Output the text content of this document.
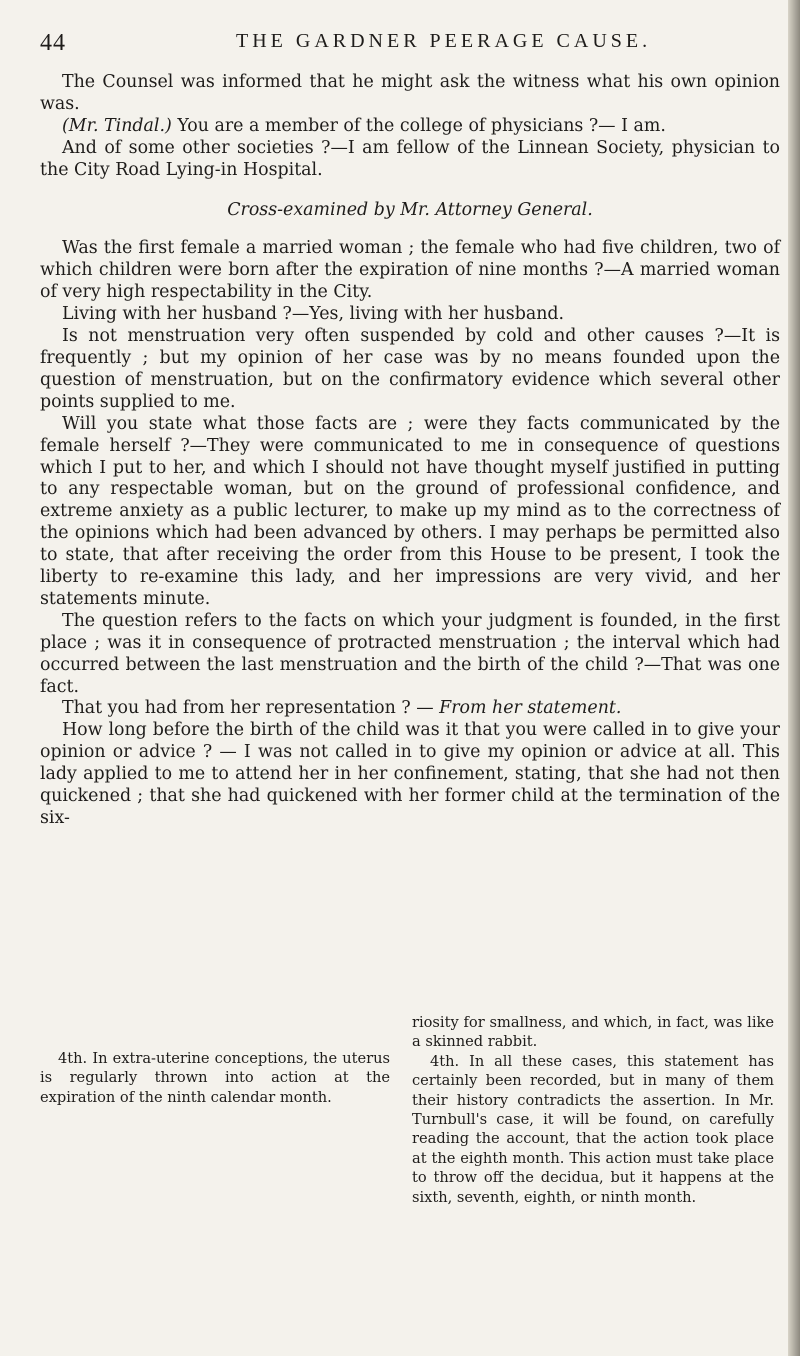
44	THE GARDNER PEERAGE CAUSE.

The Counsel was informed that he might ask the witness what his own opinion was.

(Mr. Tindal.) You are a member of the college of physicians ?— I am.

And of some other societies ?—I am fellow of the Linnean Society, physician to the City Road Lying-in Hospital.

Cross-examined by Mr. Attorney General.

Was the first female a married woman ; the female who had five children, two of which children were born after the expiration of nine months ?—A married woman of very high respectability in the City.

Living with her husband ?—Yes, living with her husband.

Is not menstruation very often suspended by cold and other causes ?—It is frequently ; but my opinion of her case was by no means founded upon the question of menstruation, but on the confirmatory evidence which several other points supplied to me.

Will you state what those facts are ; were they facts communicated by the female herself ?—They were communicated to me in consequence of questions which I put to her, and which I should not have thought myself justified in putting to any respectable woman, but on the ground of professional confidence, and extreme anxiety as a public lecturer, to make up my mind as to the correctness of the opinions which had been advanced by others. I may perhaps be permitted also to state, that after receiving the order from this House to be present, I took the liberty to re-examine this lady, and her impressions are very vivid, and her statements minute.

The question refers to the facts on which your judgment is founded, in the first place ; was it in consequence of protracted menstruation ; the interval which had occurred between the last menstruation and the birth of the child ?—That was one fact.

That you had from her representation ? — From her statement.

How long before the birth of the child was it that you were called in to give your opinion or advice ? — I was not called in to give my opinion or advice at all. This lady applied to me to attend her in her confinement, stating, that she had not then quickened ; that she had quickened with her former child at the termination of the six-

4th. In extra-uterine conceptions, the uterus is regularly thrown into action at the expiration of the ninth calendar month.

riosity for smallness, and which, in fact, was like a skinned rabbit.

4th. In all these cases, this statement has certainly been recorded, but in many of them their history contradicts the assertion. In Mr. Turnbull's case, it will be found, on carefully reading the account, that the action took place at the eighth month. This action must take place to throw off the decidua, but it happens at the sixth, seventh, eighth, or ninth month.
